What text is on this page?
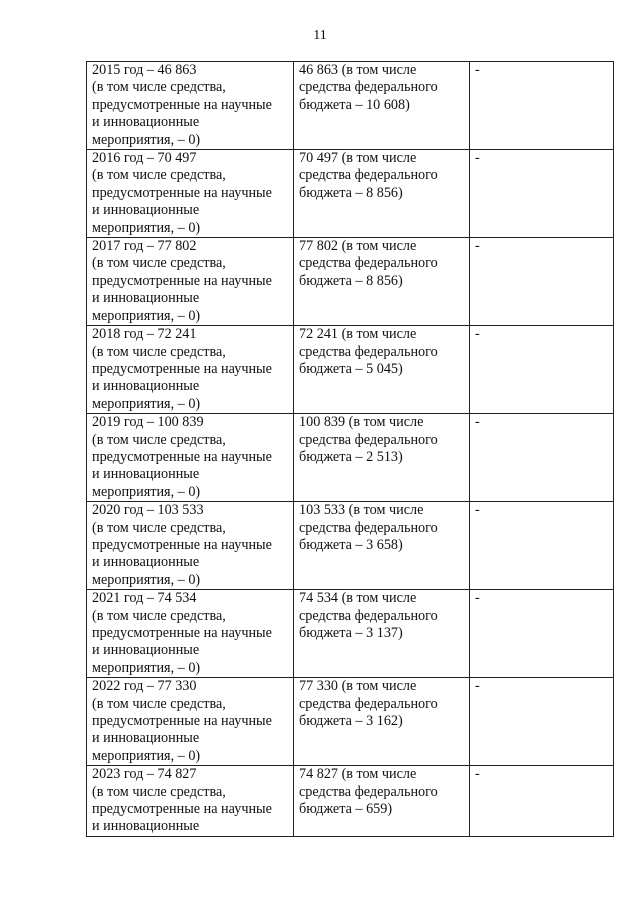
11
2015 год – 46 863
(в том числе средства,
предусмотренные на научные
и инновационные
мероприятия, – 0)	46 863 (в том числе
средства федерального
бюджета – 10 608)	-
2016 год – 70 497
(в том числе средства,
предусмотренные на научные
и инновационные
мероприятия, – 0)	70 497 (в том числе
средства федерального
бюджета – 8 856)	-
2017 год – 77 802
(в том числе средства,
предусмотренные на научные
и инновационные
мероприятия, – 0)	77 802 (в том числе
средства федерального
бюджета – 8 856)	-
2018 год – 72 241
(в том числе средства,
предусмотренные на научные
и инновационные
мероприятия, – 0)	72 241 (в том числе
средства федерального
бюджета – 5 045)	-
2019 год – 100 839
(в том числе средства,
предусмотренные на научные
и инновационные
мероприятия, – 0)	100 839 (в том числе
средства федерального
бюджета – 2 513)	-
2020 год – 103 533
(в том числе средства,
предусмотренные на научные
и инновационные
мероприятия, – 0)	103 533 (в том числе
средства федерального
бюджета – 3 658)	-
2021 год – 74 534
(в том числе средства,
предусмотренные на научные
и инновационные
мероприятия, – 0)	74 534 (в том числе
средства федерального
бюджета – 3 137)	-
2022 год – 77 330
(в том числе средства,
предусмотренные на научные
и инновационные
мероприятия, – 0)	77 330 (в том числе
средства федерального
бюджета – 3 162)	-
2023 год – 74 827
(в том числе средства,
предусмотренные на научные
и инновационные	74 827 (в том числе
средства федерального
бюджета – 659)	-
